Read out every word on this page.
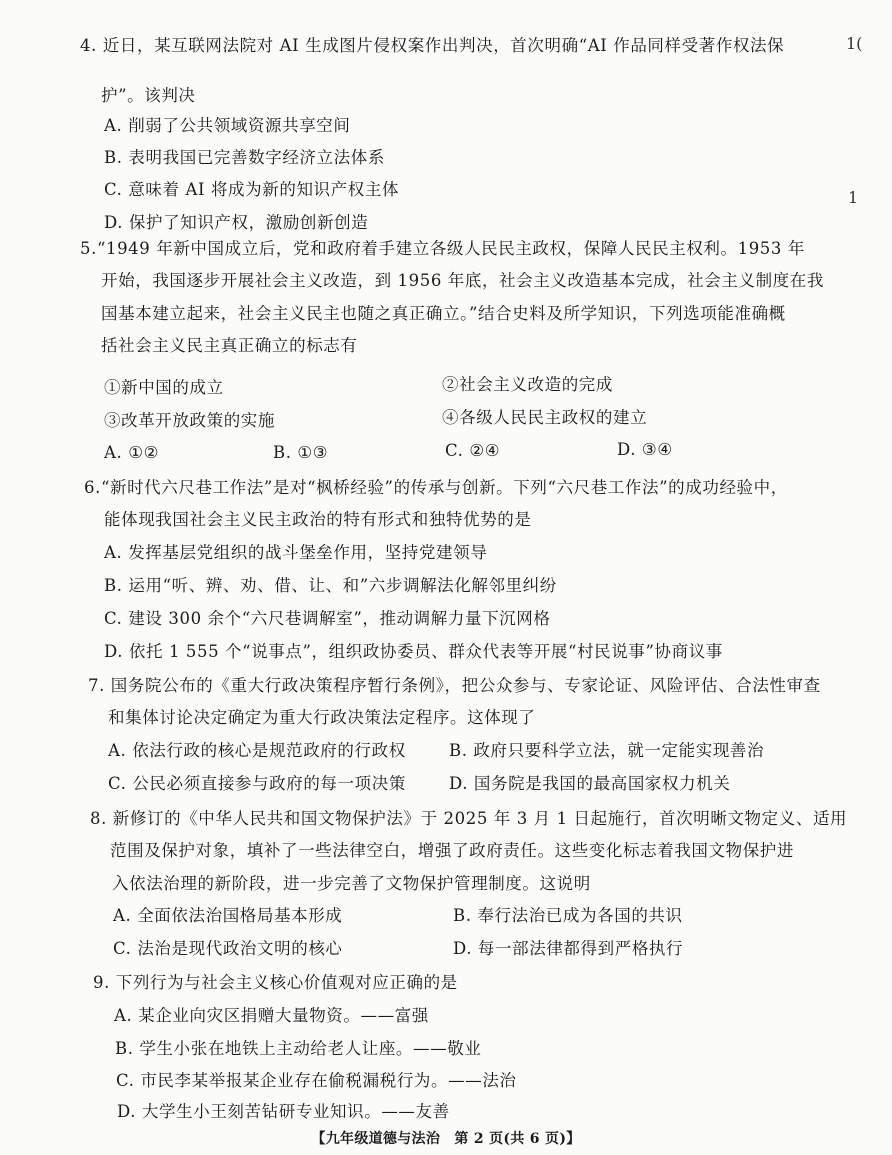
1(
1
4. 近日，某互联网法院对 AI 生成图片侵权案作出判决，首次明确“AI 作品同样受著作权法保
护”。该判决
A. 削弱了公共领域资源共享空间
B. 表明我国已完善数字经济立法体系
C. 意味着 AI 将成为新的知识产权主体
D. 保护了知识产权，激励创新创造
5.“1949 年新中国成立后，党和政府着手建立各级人民民主政权，保障人民民主权利。1953 年
开始，我国逐步开展社会主义改造，到 1956 年底，社会主义改造基本完成，社会主义制度在我
国基本建立起来，社会主义民主也随之真正确立。”结合史料及所学知识，下列选项能准确概
括社会主义民主真正确立的标志有
①新中国的成立	②社会主义改造的完成
③改革开放政策的实施	④各级人民民主政权的建立
A. ①②	B. ①③	C. ②④	D. ③④
6.“新时代六尺巷工作法”是对“枫桥经验”的传承与创新。下列“六尺巷工作法”的成功经验中，
能体现我国社会主义民主政治的特有形式和独特优势的是
A. 发挥基层党组织的战斗堡垒作用，坚持党建领导
B. 运用“听、辨、劝、借、让、和”六步调解法化解邻里纠纷
C. 建设 300 余个“六尺巷调解室”，推动调解力量下沉网格
D. 依托 1 555 个“说事点”，组织政协委员、群众代表等开展“村民说事”协商议事
7. 国务院公布的《重大行政决策程序暂行条例》，把公众参与、专家论证、风险评估、合法性审查
和集体讨论决定确定为重大行政决策法定程序。这体现了
A. 依法行政的核心是规范政府的行政权	B. 政府只要科学立法，就一定能实现善治
C. 公民必须直接参与政府的每一项决策	D. 国务院是我国的最高国家权力机关
8. 新修订的《中华人民共和国文物保护法》于 2025 年 3 月 1 日起施行，首次明晰文物定义、适用
范围及保护对象，填补了一些法律空白，增强了政府责任。这些变化标志着我国文物保护进
入依法治理的新阶段，进一步完善了文物保护管理制度。这说明
A. 全面依法治国格局基本形成	B. 奉行法治已成为各国的共识
C. 法治是现代政治文明的核心	D. 每一部法律都得到严格执行
9. 下列行为与社会主义核心价值观对应正确的是
A. 某企业向灾区捐赠大量物资。——富强
B. 学生小张在地铁上主动给老人让座。——敬业
C. 市民李某举报某企业存在偷税漏税行为。——法治
D. 大学生小王刻苦钻研专业知识。——友善
【九年级道德与法治　第 2 页(共 6 页)】
